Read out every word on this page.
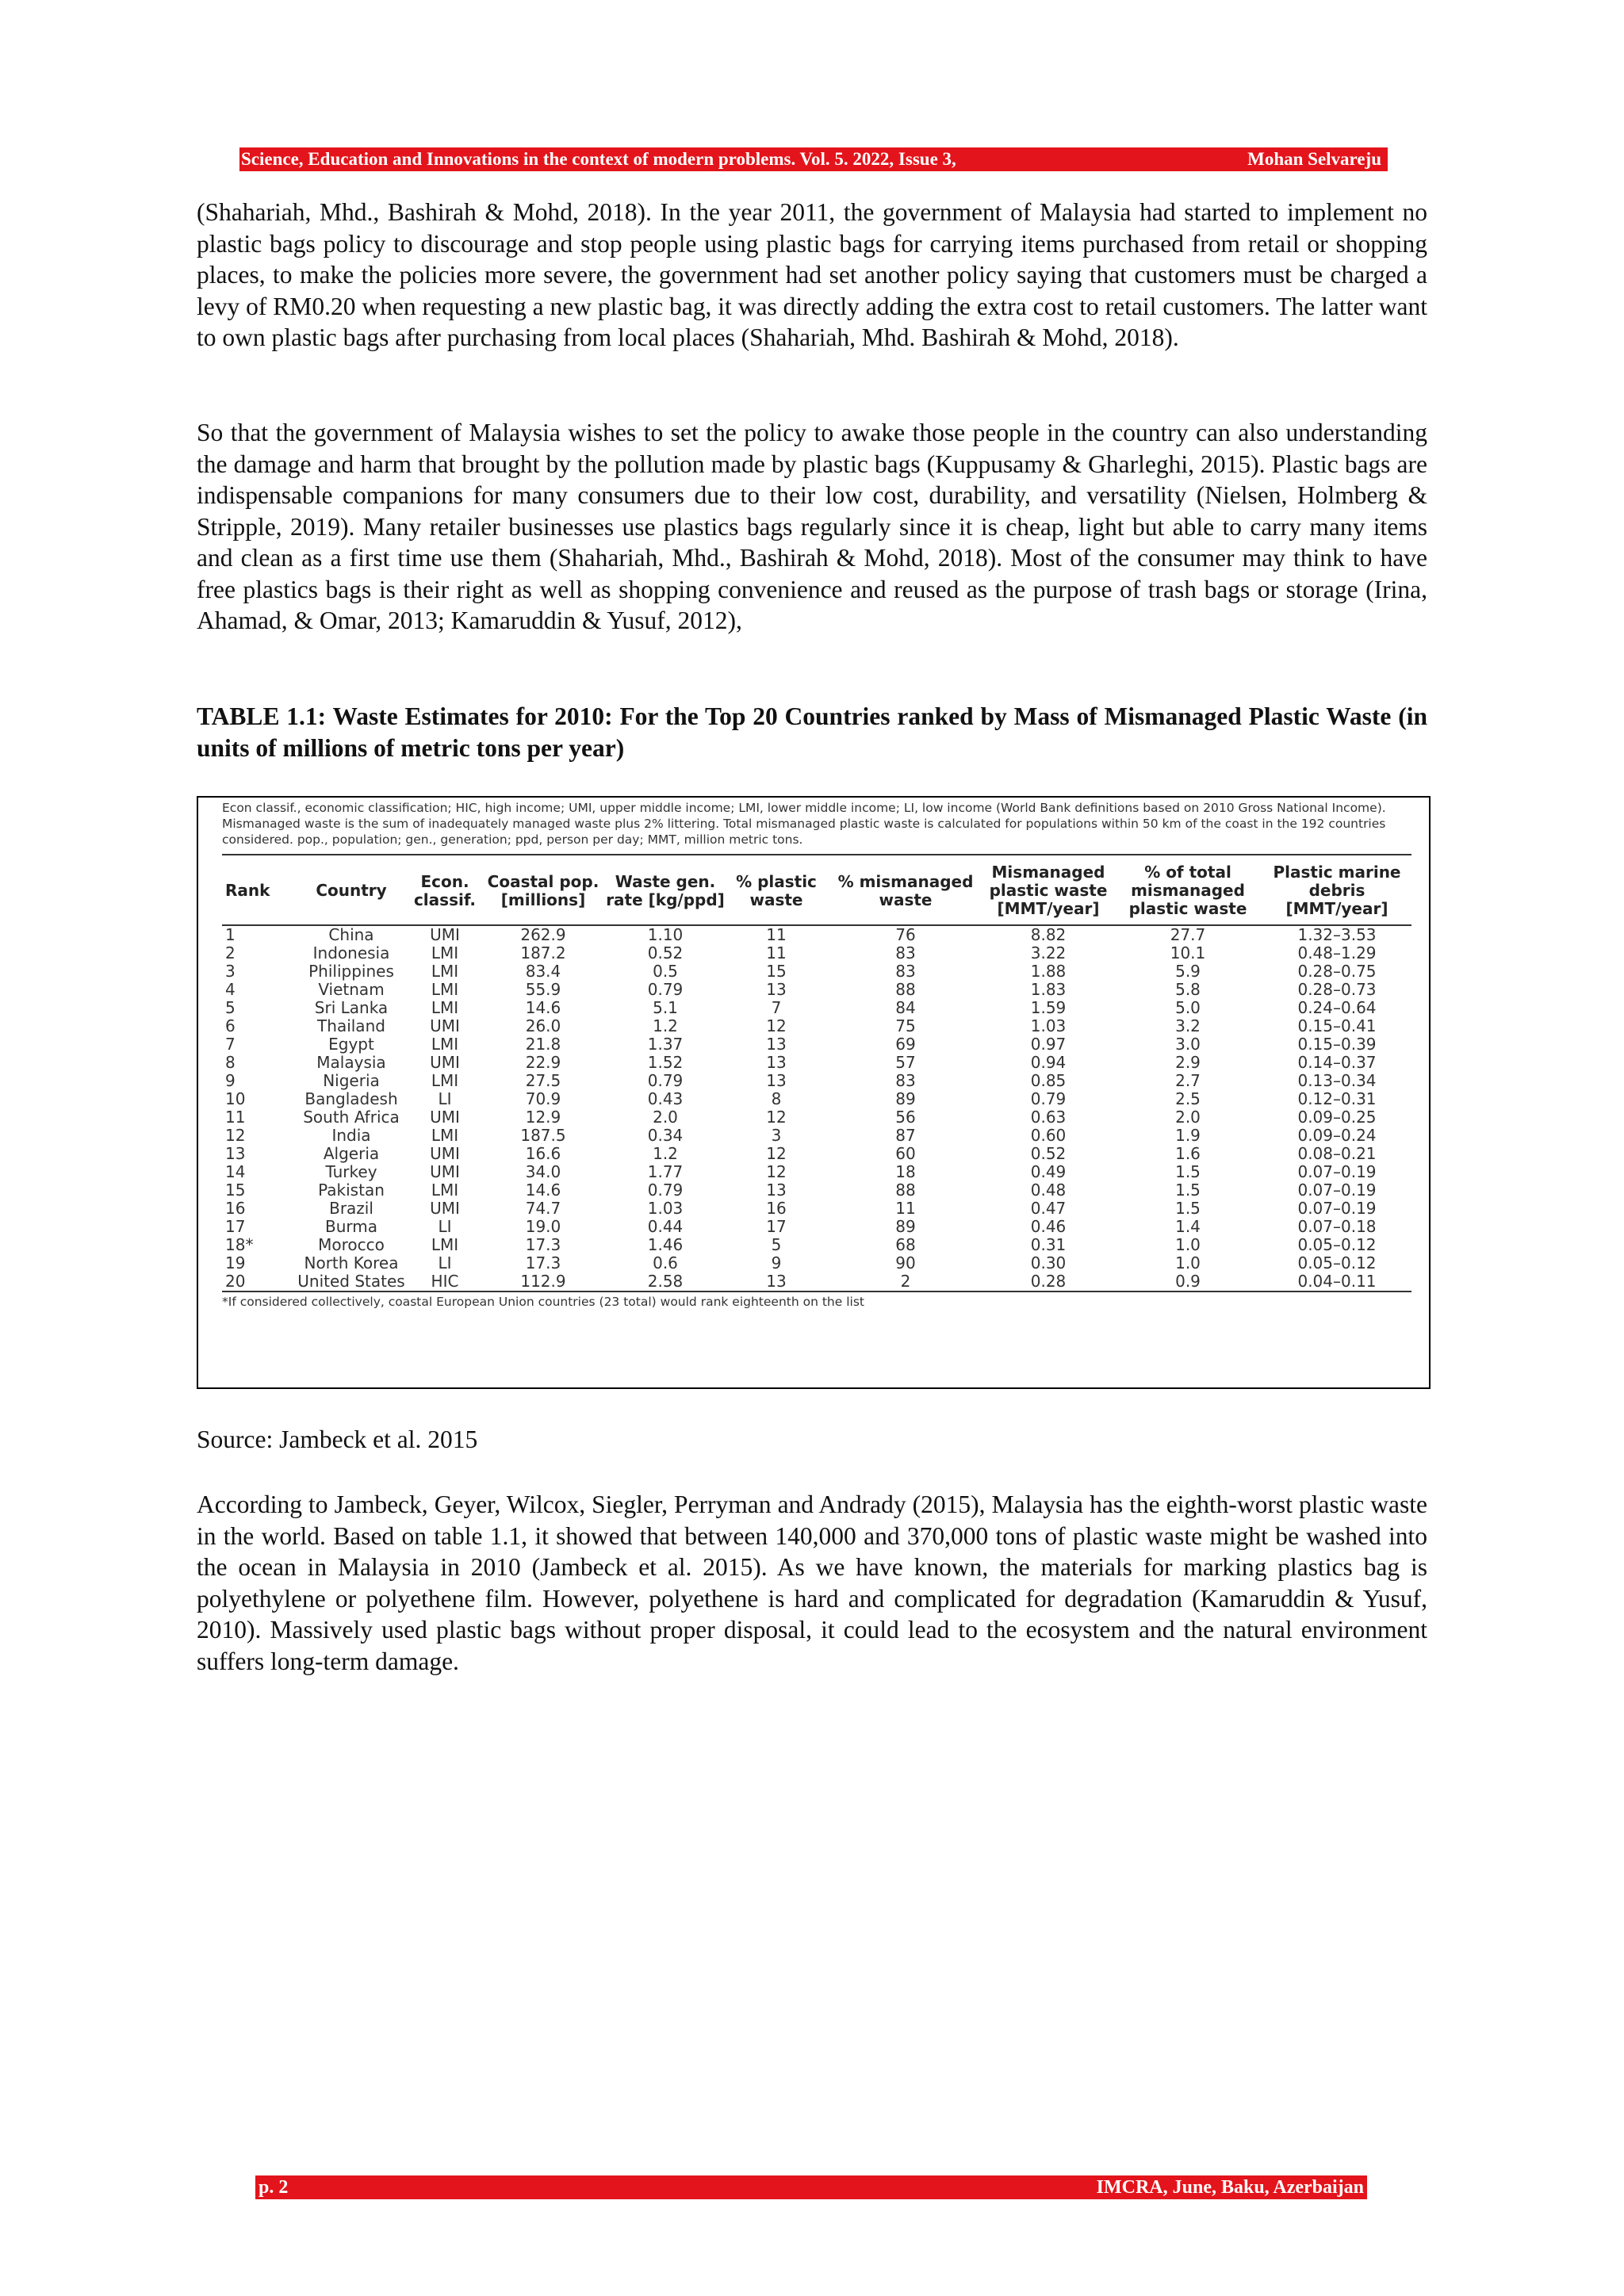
Science, Education and Innovations in the context of modern problems. Vol. 5. 2022, Issue 3,	Mohan Selvareju

(Shahariah, Mhd., Bashirah & Mohd, 2018). In the year 2011, the government of Malaysia had started to implement no plastic bags policy to discourage and stop people using plastic bags for carrying items purchased from retail or shopping places, to make the policies more severe, the government had set another policy saying that customers must be charged a levy of RM0.20 when requesting a new plastic bag, it was directly adding the extra cost to retail customers. The latter want to own plastic bags after purchasing from local places (Shahariah, Mhd. Bashirah & Mohd, 2018).

So that the government of Malaysia wishes to set the policy to awake those people in the country can also understanding the damage and harm that brought by the pollution made by plastic bags (Kuppusamy & Gharleghi, 2015). Plastic bags are indispensable companions for many consumers due to their low cost, durability, and versatility (Nielsen, Holmberg & Stripple, 2019). Many retailer businesses use plastics bags regularly since it is cheap, light but able to carry many items and clean as a first time use them (Shahariah, Mhd., Bashirah & Mohd, 2018). Most of the consumer may think to have free plastics bags is their right as well as shopping convenience and reused as the purpose of trash bags or storage (Irina, Ahamad, & Omar, 2013; Kamaruddin & Yusuf, 2012),

TABLE 1.1: Waste Estimates for 2010: For the Top 20 Countries ranked by Mass of Mismanaged Plastic Waste (in units of millions of metric tons per year)

Econ classif., economic classification; HIC, high income; UMI, upper middle income; LMI, lower middle income; LI, low income (World Bank definitions based on 2010 Gross National Income). Mismanaged waste is the sum of inadequately managed waste plus 2% littering. Total mismanaged plastic waste is calculated for populations within 50 km of the coast in the 192 countries considered. pop., population; gen., generation; ppd, person per day; MMT, million metric tons.

Rank	Country	Econ. classif.	Coastal pop. [millions]	Waste gen. rate [kg/ppd]	% plastic waste	% mismanaged waste	Mismanaged plastic waste [MMT/year]	% of total mismanaged plastic waste	Plastic marine debris [MMT/year]
1	China	UMI	262.9	1.10	11	76	8.82	27.7	1.32–3.53
2	Indonesia	LMI	187.2	0.52	11	83	3.22	10.1	0.48–1.29
3	Philippines	LMI	83.4	0.5	15	83	1.88	5.9	0.28–0.75
4	Vietnam	LMI	55.9	0.79	13	88	1.83	5.8	0.28–0.73
5	Sri Lanka	LMI	14.6	5.1	7	84	1.59	5.0	0.24–0.64
6	Thailand	UMI	26.0	1.2	12	75	1.03	3.2	0.15–0.41
7	Egypt	LMI	21.8	1.37	13	69	0.97	3.0	0.15–0.39
8	Malaysia	UMI	22.9	1.52	13	57	0.94	2.9	0.14–0.37
9	Nigeria	LMI	27.5	0.79	13	83	0.85	2.7	0.13–0.34
10	Bangladesh	LI	70.9	0.43	8	89	0.79	2.5	0.12–0.31
11	South Africa	UMI	12.9	2.0	12	56	0.63	2.0	0.09–0.25
12	India	LMI	187.5	0.34	3	87	0.60	1.9	0.09–0.24
13	Algeria	UMI	16.6	1.2	12	60	0.52	1.6	0.08–0.21
14	Turkey	UMI	34.0	1.77	12	18	0.49	1.5	0.07–0.19
15	Pakistan	LMI	14.6	0.79	13	88	0.48	1.5	0.07–0.19
16	Brazil	UMI	74.7	1.03	16	11	0.47	1.5	0.07–0.19
17	Burma	LI	19.0	0.44	17	89	0.46	1.4	0.07–0.18
18*	Morocco	LMI	17.3	1.46	5	68	0.31	1.0	0.05–0.12
19	North Korea	LI	17.3	0.6	9	90	0.30	1.0	0.05–0.12
20	United States	HIC	112.9	2.58	13	2	0.28	0.9	0.04–0.11

*If considered collectively, coastal European Union countries (23 total) would rank eighteenth on the list

Source: Jambeck et al. 2015

According to Jambeck, Geyer, Wilcox, Siegler, Perryman and Andrady (2015), Malaysia has the eighth-worst plastic waste in the world. Based on table 1.1, it showed that between 140,000 and 370,000 tons of plastic waste might be washed into the ocean in Malaysia in 2010 (Jambeck et al. 2015). As we have known, the materials for marking plastics bag is polyethylene or polyethene film. However, polyethene is hard and complicated for degradation (Kamaruddin & Yusuf, 2010). Massively used plastic bags without proper disposal, it could lead to the ecosystem and the natural environment suffers long-term damage.

p. 2	IMCRA, June, Baku, Azerbaijan
